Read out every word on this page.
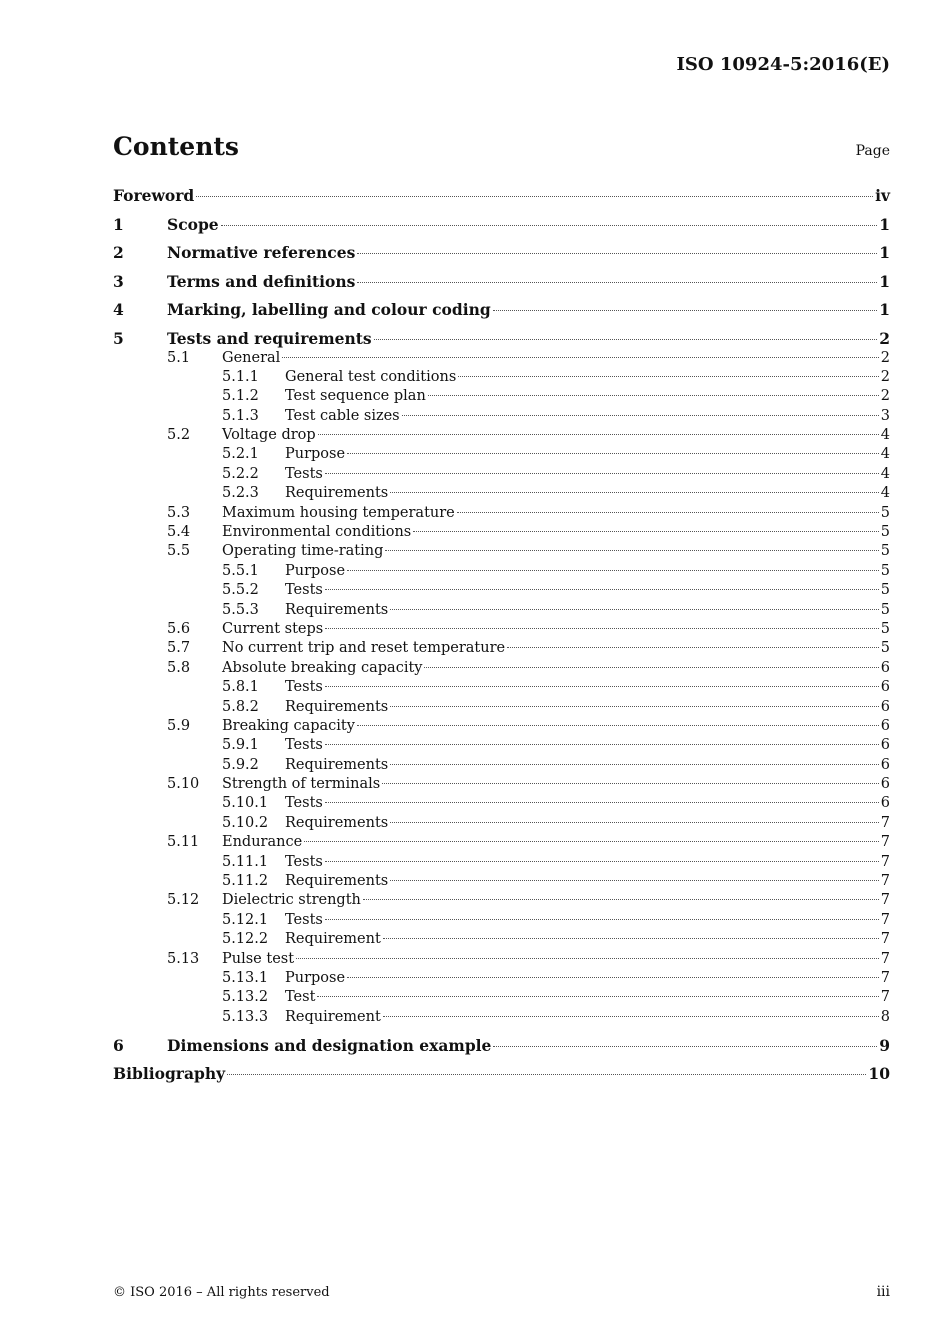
ISO 10924-5:2016(E)
Contents	Page
Foreword	iv
1	Scope	1
2	Normative references	1
3	Terms and definitions	1
4	Marking, labelling and colour coding	1
5	Tests and requirements	2
5.1	General	2
5.1.1	General test conditions	2
5.1.2	Test sequence plan	2
5.1.3	Test cable sizes	3
5.2	Voltage drop	4
5.2.1	Purpose	4
5.2.2	Tests	4
5.2.3	Requirements	4
5.3	Maximum housing temperature	5
5.4	Environmental conditions	5
5.5	Operating time-rating	5
5.5.1	Purpose	5
5.5.2	Tests	5
5.5.3	Requirements	5
5.6	Current steps	5
5.7	No current trip and reset temperature	5
5.8	Absolute breaking capacity	6
5.8.1	Tests	6
5.8.2	Requirements	6
5.9	Breaking capacity	6
5.9.1	Tests	6
5.9.2	Requirements	6
5.10	Strength of terminals	6
5.10.1	Tests	6
5.10.2	Requirements	7
5.11	Endurance	7
5.11.1	Tests	7
5.11.2	Requirements	7
5.12	Dielectric strength	7
5.12.1	Tests	7
5.12.2	Requirement	7
5.13	Pulse test	7
5.13.1	Purpose	7
5.13.2	Test	7
5.13.3	Requirement	8
6	Dimensions and designation example	9
Bibliography	10
© ISO 2016 – All rights reserved	iii
